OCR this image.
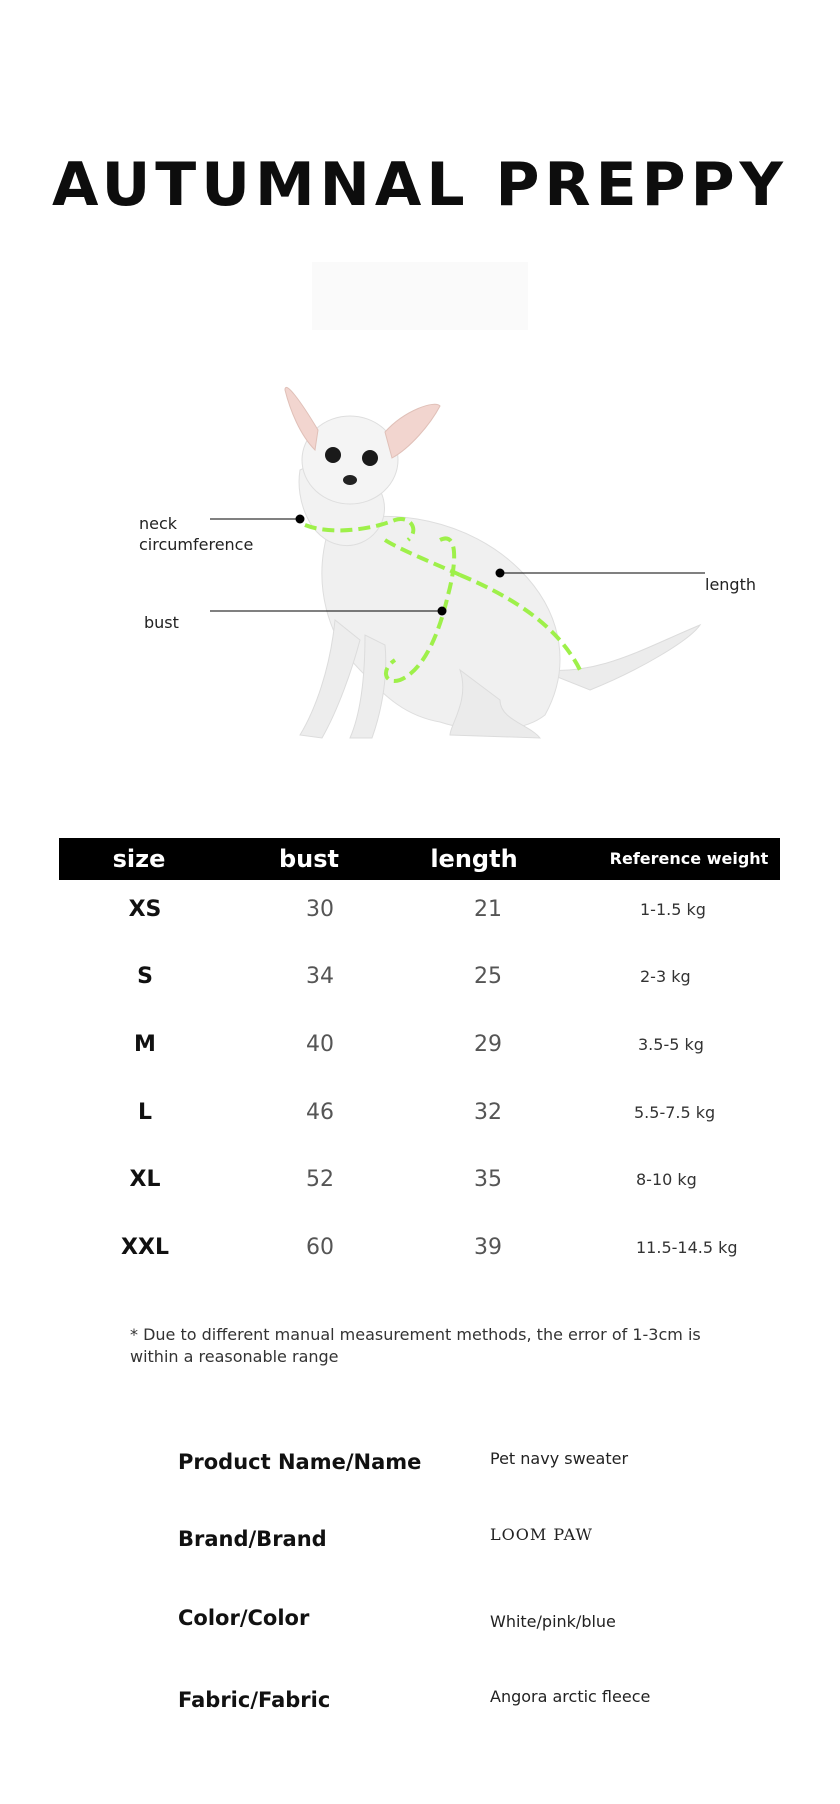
AUTUMNAL PREPPY
neck
circumference
bust
length
size	bust	length	Reference weight
XS	30	21	1-1.5 kg
S	34	25	2-3 kg
M	40	29	3.5-5 kg
L	46	32	5.5-7.5 kg
XL	52	35	8-10 kg
XXL	60	39	11.5-14.5 kg
* Due to different manual measurement methods, the error of 1-3cm is within a reasonable range
Product Name/Name	Pet navy sweater
Brand/Brand	LOOM PAW
Color/Color	White/pink/blue
Fabric/Fabric	Angora arctic fleece
